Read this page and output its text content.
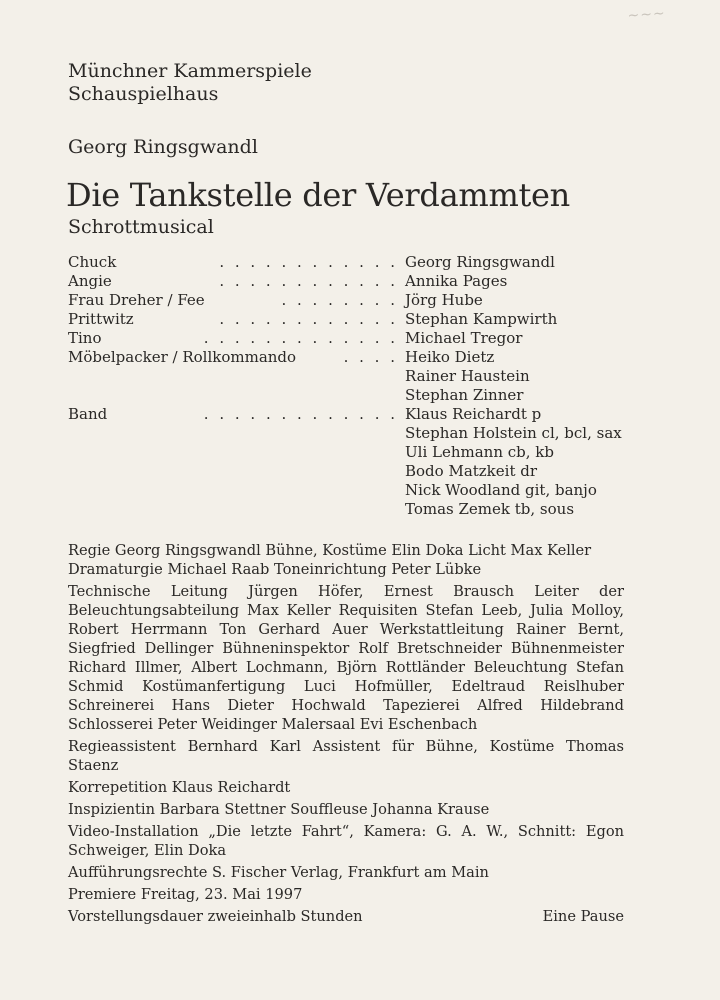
~~~
Münchner Kammerspiele
Schauspielhaus
Georg Ringsgwandl
Die Tankstelle der Verdammten
Schrottmusical
Chuck	. . . . . . . . . . . . Georg Ringsgwandl
Angie	. . . . . . . . . . . . Annika Pages
Frau Dreher / Fee	. . . . . . . . Jörg Hube
Prittwitz	. . . . . . . . . . . . Stephan Kampwirth
Tino	. . . . . . . . . . . . . Michael Tregor
Möbelpacker / Rollkommando	. . . . Heiko Dietz
Rainer Haustein
Stephan Zinner
Band	. . . . . . . . . . . . . Klaus Reichardt p
Stephan Holstein cl, bcl, sax
Uli Lehmann cb, kb
Bodo Matzkeit dr
Nick Woodland git, banjo
Tomas Zemek tb, sous

Regie Georg Ringsgwandl Bühne, Kostüme Elin Doka Licht Max Keller

Dramaturgie Michael Raab Toneinrichtung Peter Lübke

Technische Leitung Jürgen Höfer, Ernest Brausch Leiter der Beleuchtungsabteilung Max Keller Requisiten Stefan Leeb, Julia Molloy, Robert Herrmann Ton Gerhard Auer Werkstattleitung Rainer Bernt, Siegfried Dellinger Bühneninspektor Rolf Bretschneider Bühnenmeister Richard Illmer, Albert Lochmann, Björn Rottländer Beleuchtung Stefan Schmid Kostümanfertigung Luci Hofmüller, Edeltraud Reislhuber Schreinerei Hans Dieter Hochwald Tapezierei Alfred Hildebrand Schlosserei Peter Weidinger Malersaal Evi Eschenbach

Regieassistent Bernhard Karl Assistent für Bühne, Kostüme Thomas Staenz

Korrepetition Klaus Reichardt

Inspizientin Barbara Stettner Souffleuse Johanna Krause

Video-Installation „Die letzte Fahrt“, Kamera: G. A. W., Schnitt: Egon Schweiger, Elin Doka

Aufführungsrechte S. Fischer Verlag, Frankfurt am Main

Premiere Freitag, 23. Mai 1997

Vorstellungsdauer zweieinhalb Stunden	Eine Pause
